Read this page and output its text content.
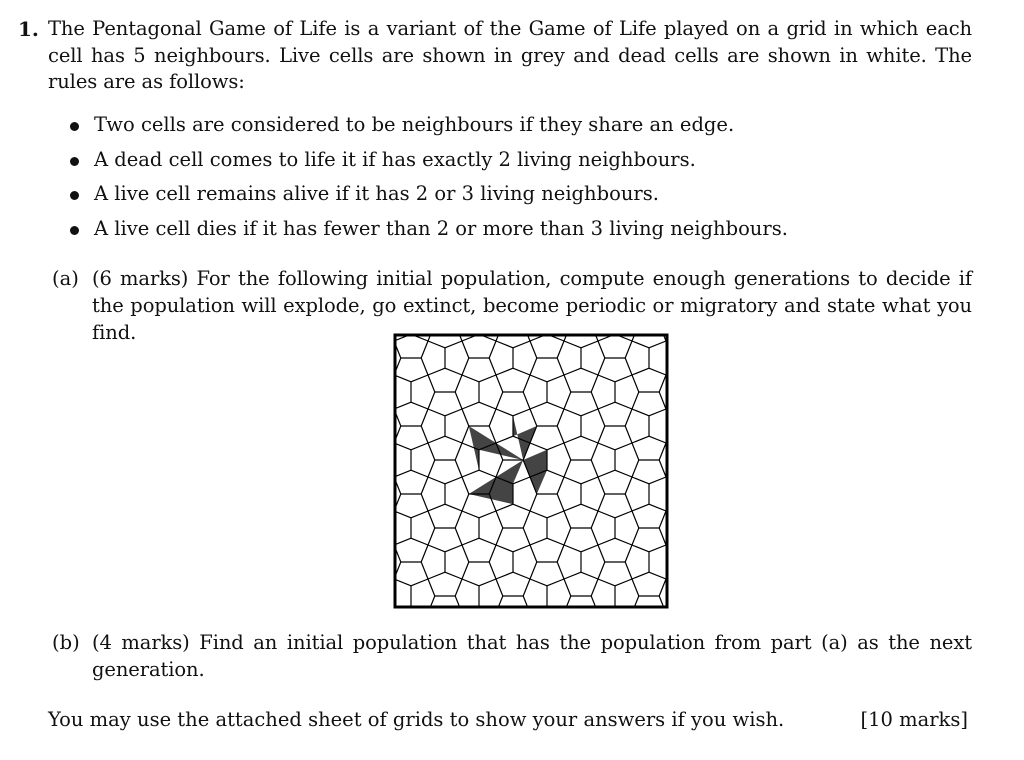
1. The Pentagonal Game of Life is a variant of the Game of Life played on a grid in which each cell has 5 neighbours. Live cells are shown in grey and dead cells are shown in white. The rules are as follows:

Two cells are considered to be neighbours if they share an edge.
A dead cell comes to life it if has exactly 2 living neighbours.
A live cell remains alive if it has 2 or 3 living neighbours.
A live cell dies if it has fewer than 2 or more than 3 living neighbours.
(a) (6 marks) For the following initial population, compute enough generations to decide if the population will explode, go extinct, become periodic or migratory and state what you find.
(b) (4 marks) Find an initial population that has the population from part (a) as the next generation.

You may use the attached sheet of grids to show your answers if you wish.	[10 marks]
